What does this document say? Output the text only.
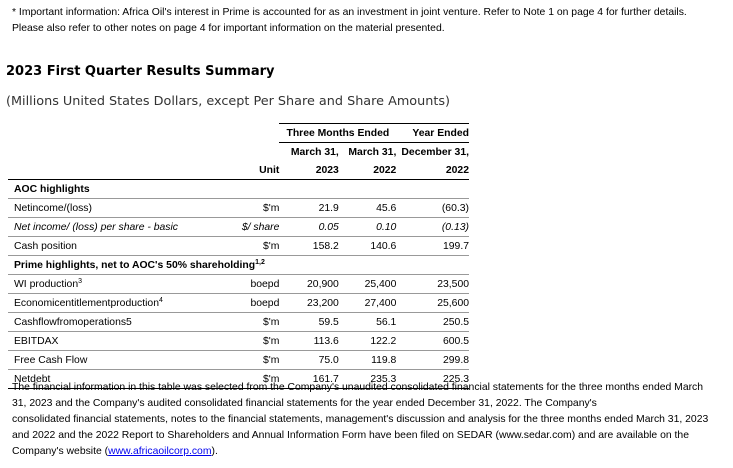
* Important information: Africa Oil's interest in Prime is accounted for as an investment in joint venture. Refer to Note 1 on page 4 for further details.
Please also refer to other notes on page 4 for important information on the material presented.
2023 First Quarter Results Summary
(Millions United States Dollars, except Per Share and Share Amounts)
		Three Months Ended		Year Ended
		March 31,	March 31,	December 31,
	Unit	2023	2022	2022
AOC highlights				
Netincome/(loss)	$'m	21.9	45.6	(60.3)
Net income/ (loss) per share - basic	$/ share	0.05	0.10	(0.13)
Cash position	$'m	158.2	140.6	199.7
Prime highlights, net to AOC's 50% shareholding$^{1,2}$
WI production$^3$	boepd	20,900	25,400	23,500
Economicentitlementproduction$^4$	boepd	23,200	27,400	25,600
Cashflowfromoperations5	$'m	59.5	56.1	250.5
EBITDAX	$'m	113.6	122.2	600.5
Free Cash Flow	$'m	75.0	119.8	299.8
Netdebt	$'m	161.7	235.3	225.3
The financial information in this table was selected from the Company's unaudited consolidated financial statements for the three months ended March
31, 2023 and the Company's audited consolidated financial statements for the year ended December 31, 2022. The Company's
consolidated financial statements, notes to the financial statements, management's discussion and analysis for the three months ended March 31, 2023
and 2022 and the 2022 Report to Shareholders and Annual Information Form have been filed on SEDAR (www.sedar.com) and are available on the
Company's website (www.africaoilcorp.com).
